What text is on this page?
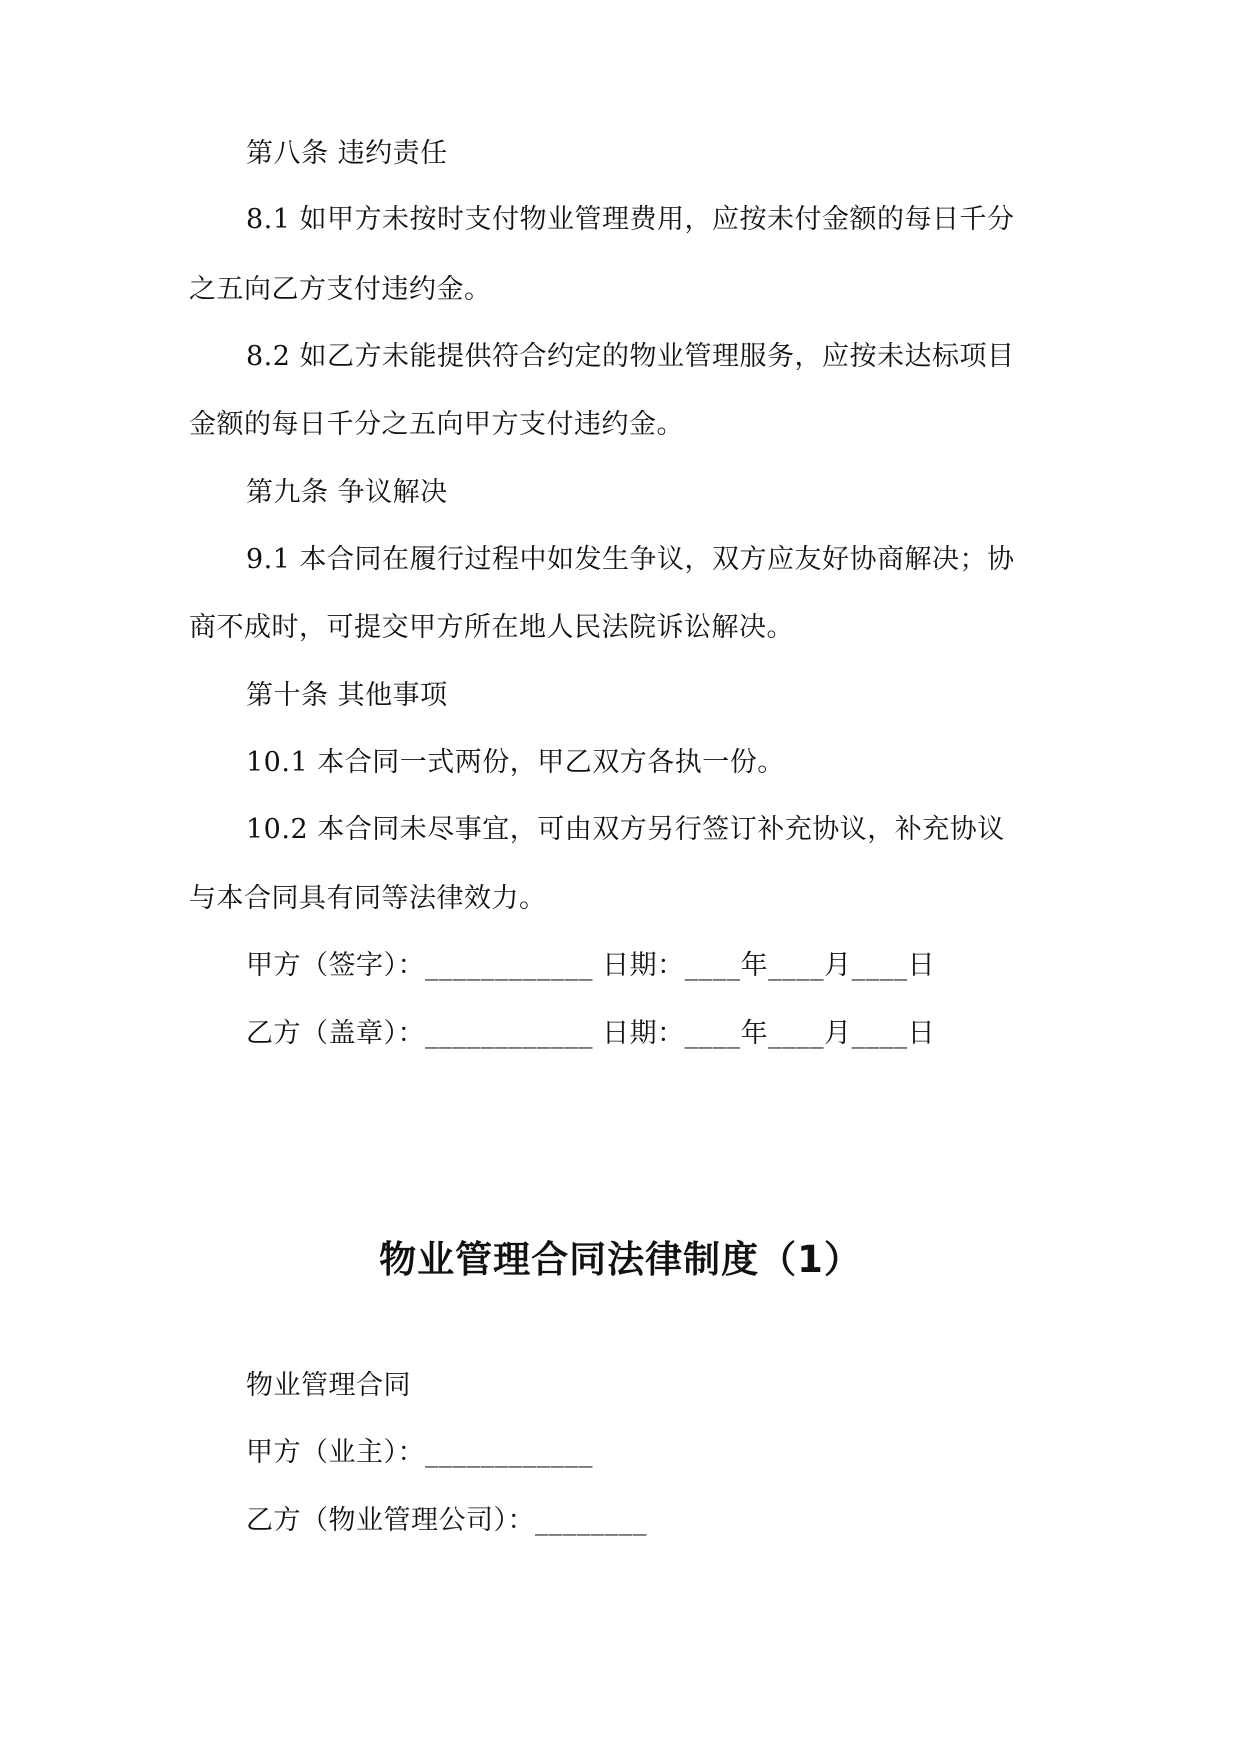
第八条 违约责任
8.1 如甲方未按时支付物业管理费用，应按未付金额的每日千分
之五向乙方支付违约金。
8.2 如乙方未能提供符合约定的物业管理服务，应按未达标项目
金额的每日千分之五向甲方支付违约金。
第九条 争议解决
9.1 本合同在履行过程中如发生争议，双方应友好协商解决；协
商不成时，可提交甲方所在地人民法院诉讼解决。
第十条 其他事项
10.1 本合同一式两份，甲乙双方各执一份。
10.2 本合同未尽事宜，可由双方另行签订补充协议，补充协议
与本合同具有同等法律效力。
甲方（签字）：____________ 日期：____年____月____日
乙方（盖章）：____________ 日期：____年____月____日
物业管理合同法律制度（1）
物业管理合同
甲方（业主）：____________
乙方（物业管理公司）：________
